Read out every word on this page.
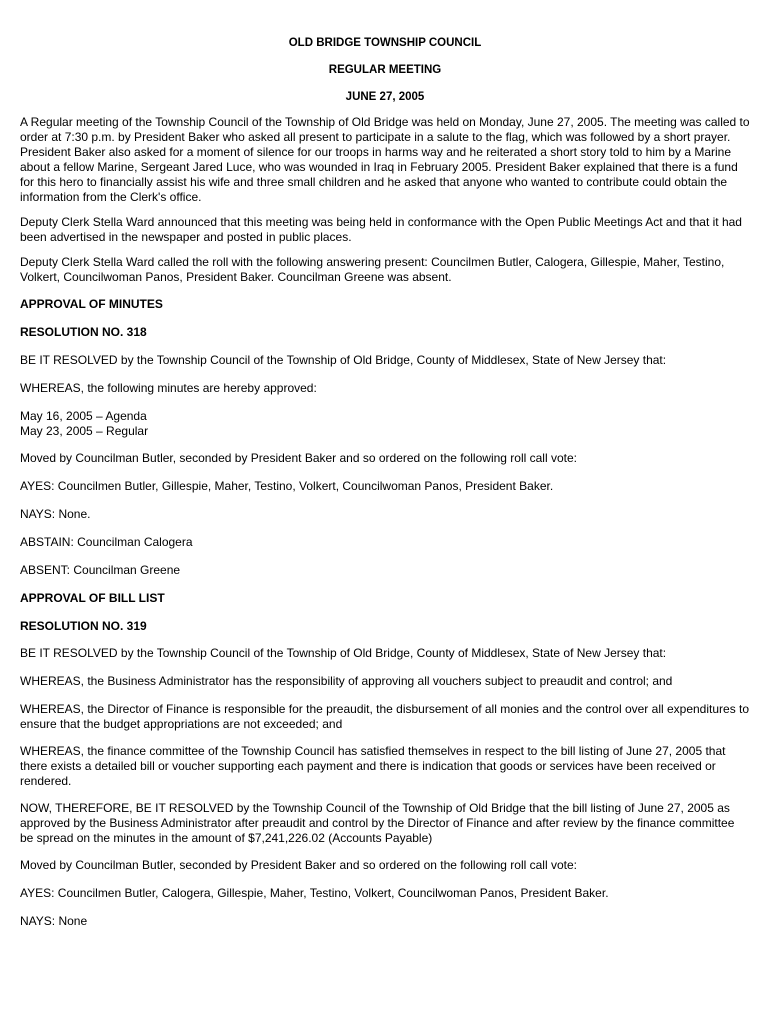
OLD BRIDGE TOWNSHIP COUNCIL
REGULAR MEETING
JUNE 27, 2005
A Regular meeting of the Township Council of the Township of Old Bridge was held on Monday, June 27, 2005. The meeting was called to order at 7:30 p.m. by President Baker who asked all present to participate in a salute to the flag, which was followed by a short prayer. President Baker also asked for a moment of silence for our troops in harms way and he reiterated a short story told to him by a Marine about a fellow Marine, Sergeant Jared Luce, who was wounded in Iraq in February 2005. President Baker explained that there is a fund for this hero to financially assist his wife and three small children and he asked that anyone who wanted to contribute could obtain the information from the Clerk's office.
Deputy Clerk Stella Ward announced that this meeting was being held in conformance with the Open Public Meetings Act and that it had been advertised in the newspaper and posted in public places.
Deputy Clerk Stella Ward called the roll with the following answering present: Councilmen Butler, Calogera, Gillespie, Maher, Testino, Volkert, Councilwoman Panos, President Baker. Councilman Greene was absent.
APPROVAL OF MINUTES
RESOLUTION NO. 318
BE IT RESOLVED by the Township Council of the Township of Old Bridge, County of Middlesex, State of New Jersey that:
WHEREAS, the following minutes are hereby approved:
May 16, 2005 – Agenda
May 23, 2005 – Regular
Moved by Councilman Butler, seconded by President Baker and so ordered on the following roll call vote:
AYES: Councilmen Butler, Gillespie, Maher, Testino, Volkert, Councilwoman Panos, President Baker.
NAYS: None.
ABSTAIN: Councilman Calogera
ABSENT: Councilman Greene
APPROVAL OF BILL LIST
RESOLUTION NO. 319
BE IT RESOLVED by the Township Council of the Township of Old Bridge, County of Middlesex, State of New Jersey that:
WHEREAS, the Business Administrator has the responsibility of approving all vouchers subject to preaudit and control; and
WHEREAS, the Director of Finance is responsible for the preaudit, the disbursement of all monies and the control over all expenditures to ensure that the budget appropriations are not exceeded; and
WHEREAS, the finance committee of the Township Council has satisfied themselves in respect to the bill listing of June 27, 2005 that there exists a detailed bill or voucher supporting each payment and there is indication that goods or services have been received or rendered.
NOW, THEREFORE, BE IT RESOLVED by the Township Council of the Township of Old Bridge that the bill listing of June 27, 2005 as approved by the Business Administrator after preaudit and control by the Director of Finance and after review by the finance committee be spread on the minutes in the amount of $7,241,226.02 (Accounts Payable)
Moved by Councilman Butler, seconded by President Baker and so ordered on the following roll call vote:
AYES: Councilmen Butler, Calogera, Gillespie, Maher, Testino, Volkert, Councilwoman Panos, President Baker.
NAYS: None
